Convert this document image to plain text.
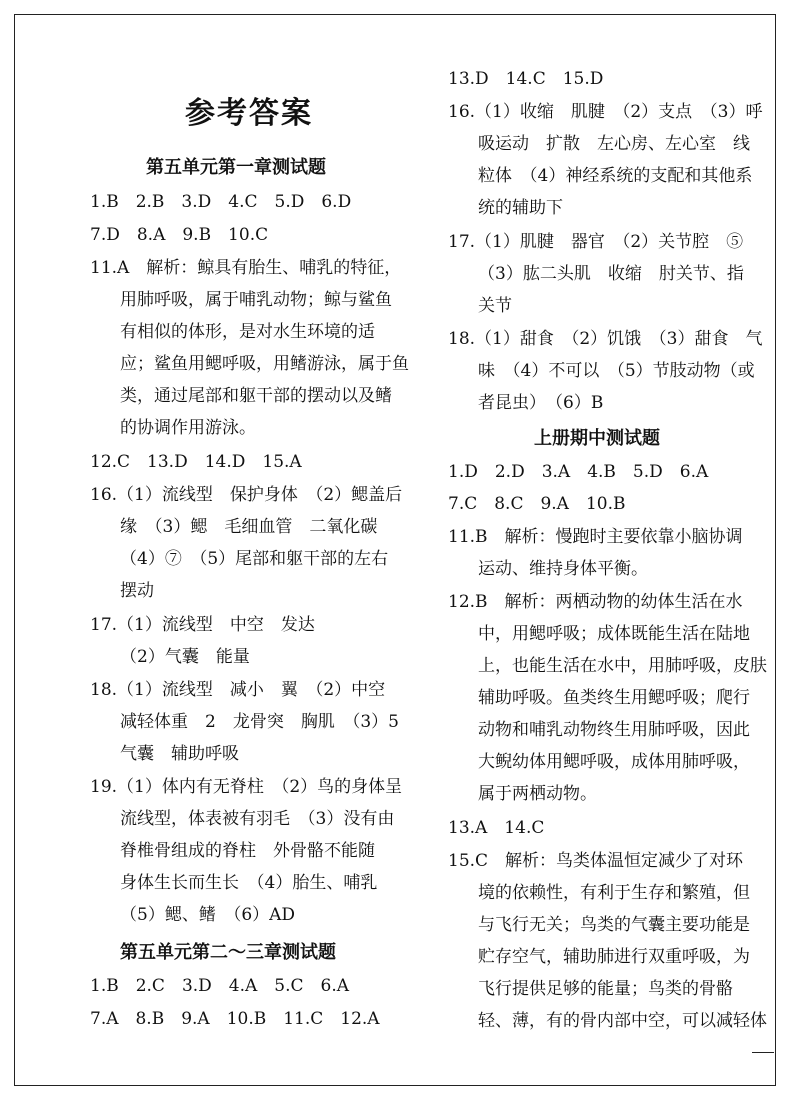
参考答案
第五单元第一章测试题
1.B　2.B　3.D　4.C　5.D　6.D
7.D　8.A　9.B　10.C
11.A　解析：鲸具有胎生、哺乳的特征，
用肺呼吸，属于哺乳动物；鲸与鲨鱼
有相似的体形，是对水生环境的适
应；鲨鱼用鳃呼吸，用鳍游泳，属于鱼
类，通过尾部和躯干部的摆动以及鳍
的协调作用游泳。
12.C　13.D　14.D　15.A
16.（1）流线型　保护身体　（2）鳃盖后
缘　（3）鳃　毛细血管　二氧化碳
（4）⑦　（5）尾部和躯干部的左右
摆动
17.（1）流线型　中空　发达
（2）气囊　能量
18.（1）流线型　减小　翼　（2）中空
减轻体重　2　龙骨突　胸肌　（3）5
气囊　辅助呼吸
19.（1）体内有无脊柱　（2）鸟的身体呈
流线型，体表被有羽毛　（3）没有由
脊椎骨组成的脊柱　外骨骼不能随
身体生长而生长　（4）胎生、哺乳
（5）鳃、鳍　（6）AD
第五单元第二～三章测试题
1.B　2.C　3.D　4.A　5.C　6.A
7.A　8.B　9.A　10.B　11.C　12.A
13.D　14.C　15.D
16.（1）收缩　肌腱　（2）支点　（3）呼
吸运动　扩散　左心房、左心室　线
粒体　（4）神经系统的支配和其他系
统的辅助下
17.（1）肌腱　器官　（2）关节腔　⑤
（3）肱二头肌　收缩　肘关节、指
关节
18.（1）甜食　（2）饥饿　（3）甜食　气
味　（4）不可以　（5）节肢动物（或
者昆虫）　（6）B
上册期中测试题
1.D　2.D　3.A　4.B　5.D　6.A
7.C　8.C　9.A　10.B
11.B　解析：慢跑时主要依靠小脑协调
运动、维持身体平衡。
12.B　解析：两栖动物的幼体生活在水
中，用鳃呼吸；成体既能生活在陆地
上，也能生活在水中，用肺呼吸，皮肤
辅助呼吸。鱼类终生用鳃呼吸；爬行
动物和哺乳动物终生用肺呼吸，因此
大鲵幼体用鳃呼吸，成体用肺呼吸，
属于两栖动物。
13.A　14.C
15.C　解析：鸟类体温恒定减少了对环
境的依赖性，有利于生存和繁殖，但
与飞行无关；鸟类的气囊主要功能是
贮存空气，辅助肺进行双重呼吸，为
飞行提供足够的能量；鸟类的骨骼
轻、薄，有的骨内部中空，可以减轻体
